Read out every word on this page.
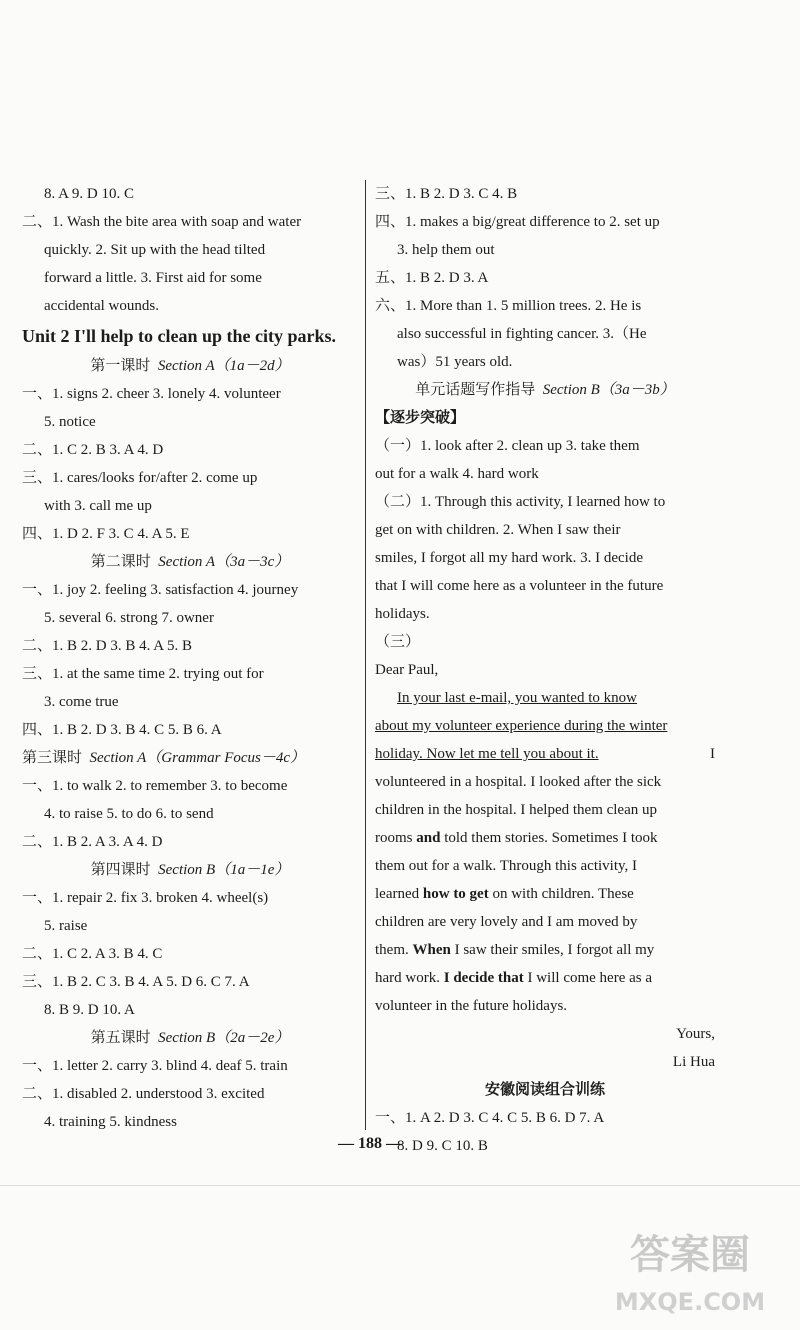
8. A 9. D 10. C
二、1. Wash the bite area with soap and water
quickly. 2. Sit up with the head tilted
forward a little. 3. First aid for some
accidental wounds.
Unit 2 I'll help to clean up the city parks.
第一课时 Section A（1a－2d）
一、1. signs 2. cheer 3. lonely 4. volunteer
5. notice
二、1. C 2. B 3. A 4. D
三、1. cares/looks for/after 2. come up
with 3. call me up
四、1. D 2. F 3. C 4. A 5. E
第二课时 Section A（3a－3c）
一、1. joy 2. feeling 3. satisfaction 4. journey
5. several 6. strong 7. owner
二、1. B 2. D 3. B 4. A 5. B
三、1. at the same time 2. trying out for
3. come true
四、1. B 2. D 3. B 4. C 5. B 6. A
第三课时 Section A（Grammar Focus－4c）
一、1. to walk 2. to remember 3. to become
4. to raise 5. to do 6. to send
二、1. B 2. A 3. A 4. D
第四课时 Section B（1a－1e）
一、1. repair 2. fix 3. broken 4. wheel(s)
5. raise
二、1. C 2. A 3. B 4. C
三、1. B 2. C 3. B 4. A 5. D 6. C 7. A
8. B 9. D 10. A
第五课时 Section B（2a－2e）
一、1. letter 2. carry 3. blind 4. deaf 5. train
二、1. disabled 2. understood 3. excited
4. training 5. kindness
三、1. B 2. D 3. C 4. B
四、1. makes a big/great difference to 2. set up
3. help them out
五、1. B 2. D 3. A
六、1. More than 1. 5 million trees. 2. He is
also successful in fighting cancer. 3.（He
was）51 years old.
单元话题写作指导 Section B（3a－3b）
【逐步突破】
（一）1. look after 2. clean up 3. take them
out for a walk 4. hard work
（二）1. Through this activity, I learned how to
get on with children. 2. When I saw their
smiles, I forgot all my hard work. 3. I decide
that I will come here as a volunteer in the future
holidays.
（三）
Dear Paul,
In your last e-mail, you wanted to know
about my volunteer experience during the winter
holiday. Now let me tell you about it.	I
volunteered in a hospital. I looked after the sick
children in the hospital. I helped them clean up
rooms and told them stories. Sometimes I took
them out for a walk. Through this activity, I
learned how to get on with children. These
children are very lovely and I am moved by
them. When I saw their smiles, I forgot all my
hard work. I decide that I will come here as a
volunteer in the future holidays.
Yours,
Li Hua
安徽阅读组合训练
一、1. A 2. D 3. C 4. C 5. B 6. D 7. A
8. D 9. C 10. B
— 188 —
答案圈
MXQE.COM
